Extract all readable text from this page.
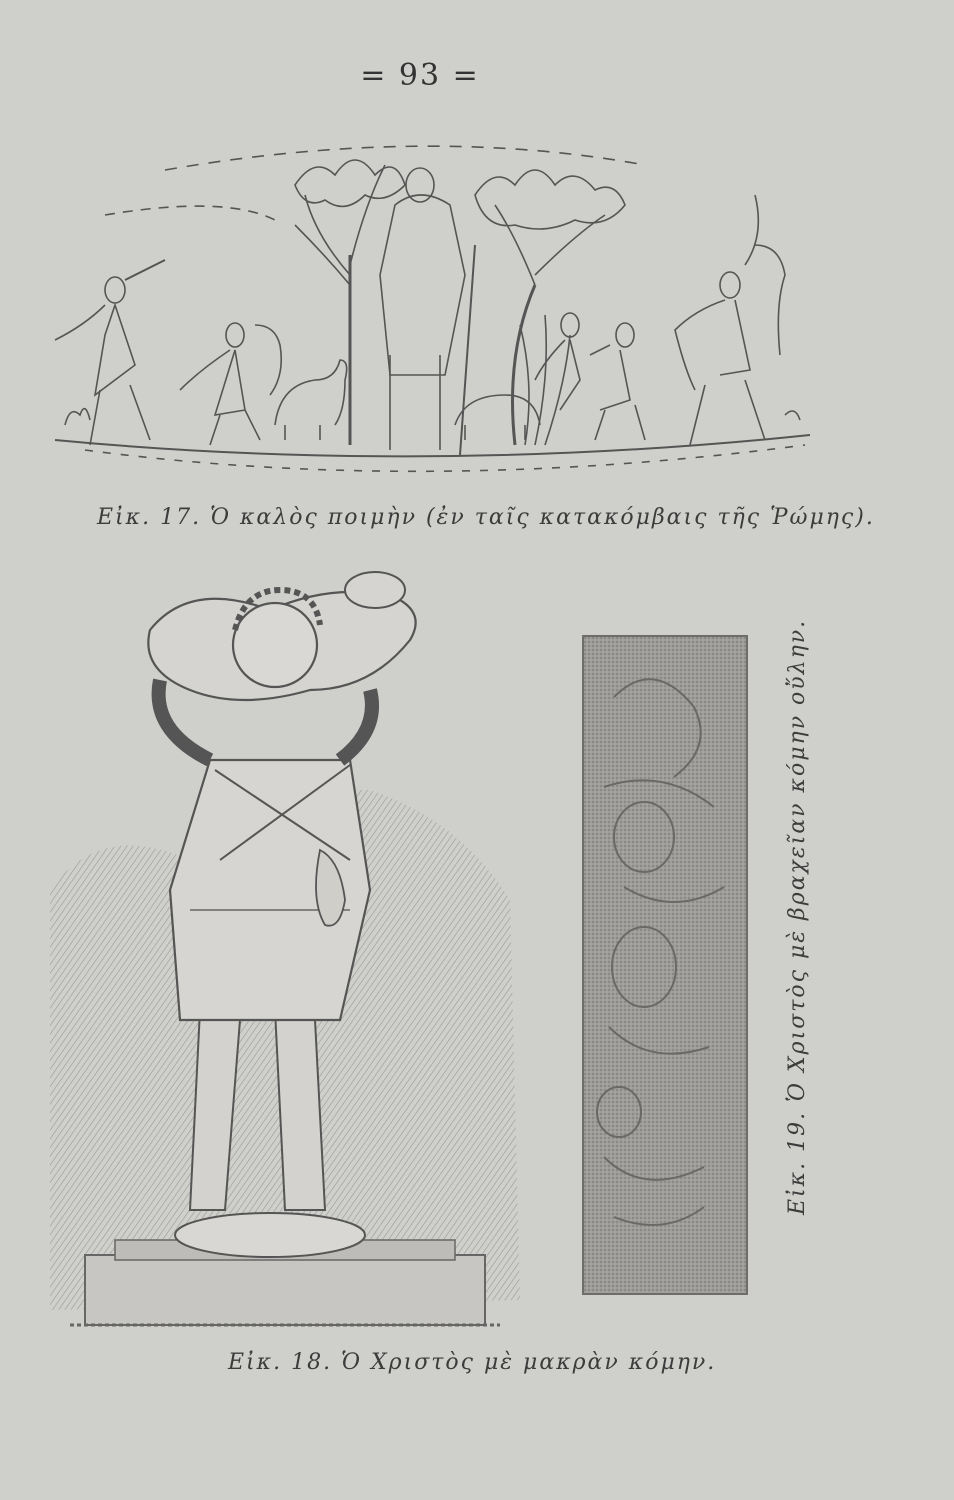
= 93 =
Εἰκ. 17. Ὁ καλὸς ποιμὴν (ἐν ταῖς κατακόμβαις τῆς Ῥώμης).
Εἰκ. 18. Ὁ Χριστὸς μὲ μακρὰν κόμην.
Εἰκ. 19. Ὁ Χριστὸς μὲ βραχεῖαν κόμην οὔλην.
